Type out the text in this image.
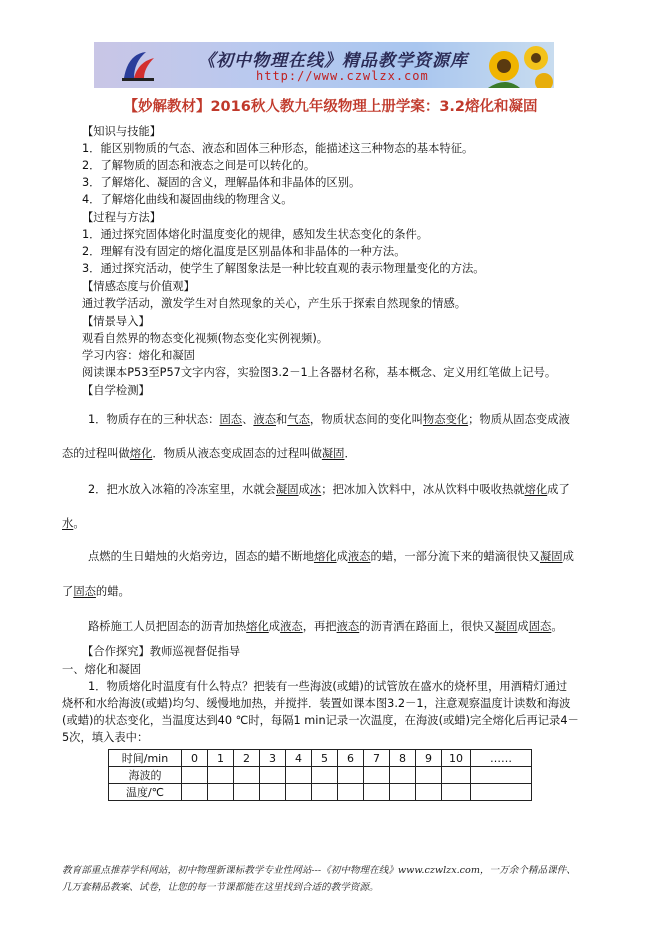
《初中物理在线》精品教学资源库
http://www.czwlzx.com
【妙解教材】2016秋人教九年级物理上册学案：3.2熔化和凝固
【知识与技能】
1．能区别物质的气态、液态和固体三种形态，能描述这三种物态的基本特征。
2．了解物质的固态和液态之间是可以转化的。
3．了解熔化、凝固的含义，理解晶体和非晶体的区别。
4．了解熔化曲线和凝固曲线的物理含义。
【过程与方法】
1．通过探究固体熔化时温度变化的规律，感知发生状态变化的条件。
2．理解有没有固定的熔化温度是区别晶体和非晶体的一种方法。
3．通过探究活动，使学生了解图象法是一种比较直观的表示物理量变化的方法。
【情感态度与价值观】
通过教学活动，激发学生对自然现象的关心，产生乐于探索自然现象的情感。
【情景导入】
观看自然界的物态变化视频(物态变化实例视频)。
学习内容：熔化和凝固
阅读课本P53至P57文字内容，实验图3.2－1上各器材名称，基本概念、定义用红笔做上记号。
【自学检测】
1．物质存在的三种状态：固态、液态和气态，物质状态间的变化叫物态变化；物质从固态变成液
态的过程叫做熔化．物质从液态变成固态的过程叫做凝固．
2．把水放入冰箱的冷冻室里，水就会凝固成冰；把冰加入饮料中，冰从饮料中吸收热就熔化成了
水。
点燃的生日蜡烛的火焰旁边，固态的蜡不断地熔化成液态的蜡，一部分流下来的蜡滴很快又凝固成
了固态的蜡。
路桥施工人员把固态的沥青加热熔化成液态，再把液态的沥青洒在路面上，很快又凝固成固态。
【合作探究】教师巡视督促指导
一、熔化和凝固
1．物质熔化时温度有什么特点？把装有一些海波(或蜡)的试管放在盛水的烧杯里，用酒精灯通过
烧杯和水给海波(或蜡)均匀、缓慢地加热，并搅拌．装置如课本图3.2－1，注意观察温度计读数和海波
(或蜡)的状态变化，当温度达到40 ℃时，每隔1 min记录一次温度，在海波(或蜡)完全熔化后再记录4－
5次，填入表中：
时间/min	0	1	2	3	4	5	6	7	8	9	10	……
海波的												
温度/℃												
教育部重点推荐学科网站，初中物理新课标教学专业性网站---《初中物理在线》www.czwlzx.com，一万余个精品课件、
几万套精品教案、试卷，让您的每一节课都能在这里找到合适的教学资源。
